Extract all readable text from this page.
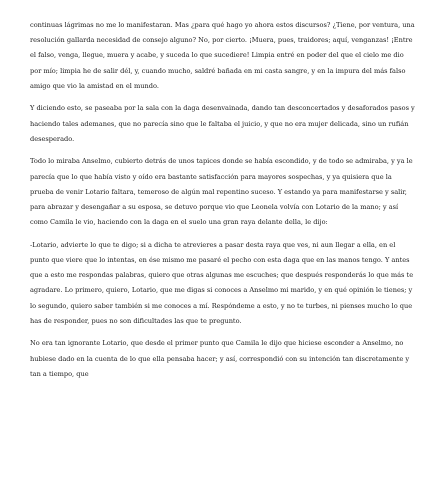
continuas lágrimas no me lo manifestaran. Mas ¿para qué hago yo ahora estos discursos? ¿Tiene, por ventura, una resolución gallarda necesidad de consejo alguno? No, por cierto. ¡Muera, pues, traidores; aquí, venganzas! ¡Entre el falso, venga, llegue, muera y acabe, y suceda lo que sucediere! Limpia entré en poder del que el cielo me dio por mío; limpia he de salir dél, y, cuando mucho, saldré bañada en mi casta sangre, y en la impura del más falso amigo que vio la amistad en el mundo.

Y diciendo esto, se paseaba por la sala con la daga desenvainada, dando tan desconcertados y desaforados pasos y haciendo tales ademanes, que no parecía sino que le faltaba el juicio, y que no era mujer delicada, sino un rufián desesperado.

Todo lo miraba Anselmo, cubierto detrás de unos tapices donde se había escondido, y de todo se admiraba, y ya le parecía que lo que había visto y oído era bastante satisfacción para mayores sospechas, y ya quisiera que la prueba de venir Lotario faltara, temeroso de algún mal repentino suceso. Y estando ya para manifestarse y salir, para abrazar y desengañar a su esposa, se detuvo porque vio que Leonela volvía con Lotario de la mano; y así como Camila le vio, haciendo con la daga en el suelo una gran raya delante della, le dijo:

-Lotario, advierte lo que te digo; si a dicha te atrevieres a pasar desta raya que ves, ni aun llegar a ella, en el punto que viere que lo intentas, en ése mismo me pasaré el pecho con esta daga que en las manos tengo. Y antes que a esto me respondas palabras, quiero que otras algunas me escuches; que después responderás lo que más te agradare. Lo primero, quiero, Lotario, que me digas si conoces a Anselmo mi marido, y en qué opinión le tienes; y lo segundo, quiero saber también si me conoces a mí. Respóndeme a esto, y no te turbes, ni pienses mucho lo que has de responder, pues no son dificultades las que te pregunto.

No era tan ignorante Lotario, que desde el primer punto que Camila le dijo que hiciese esconder a Anselmo, no hubiese dado en la cuenta de lo que ella pensaba hacer; y así, correspondió con su intención tan discretamente y tan a tiempo, que
